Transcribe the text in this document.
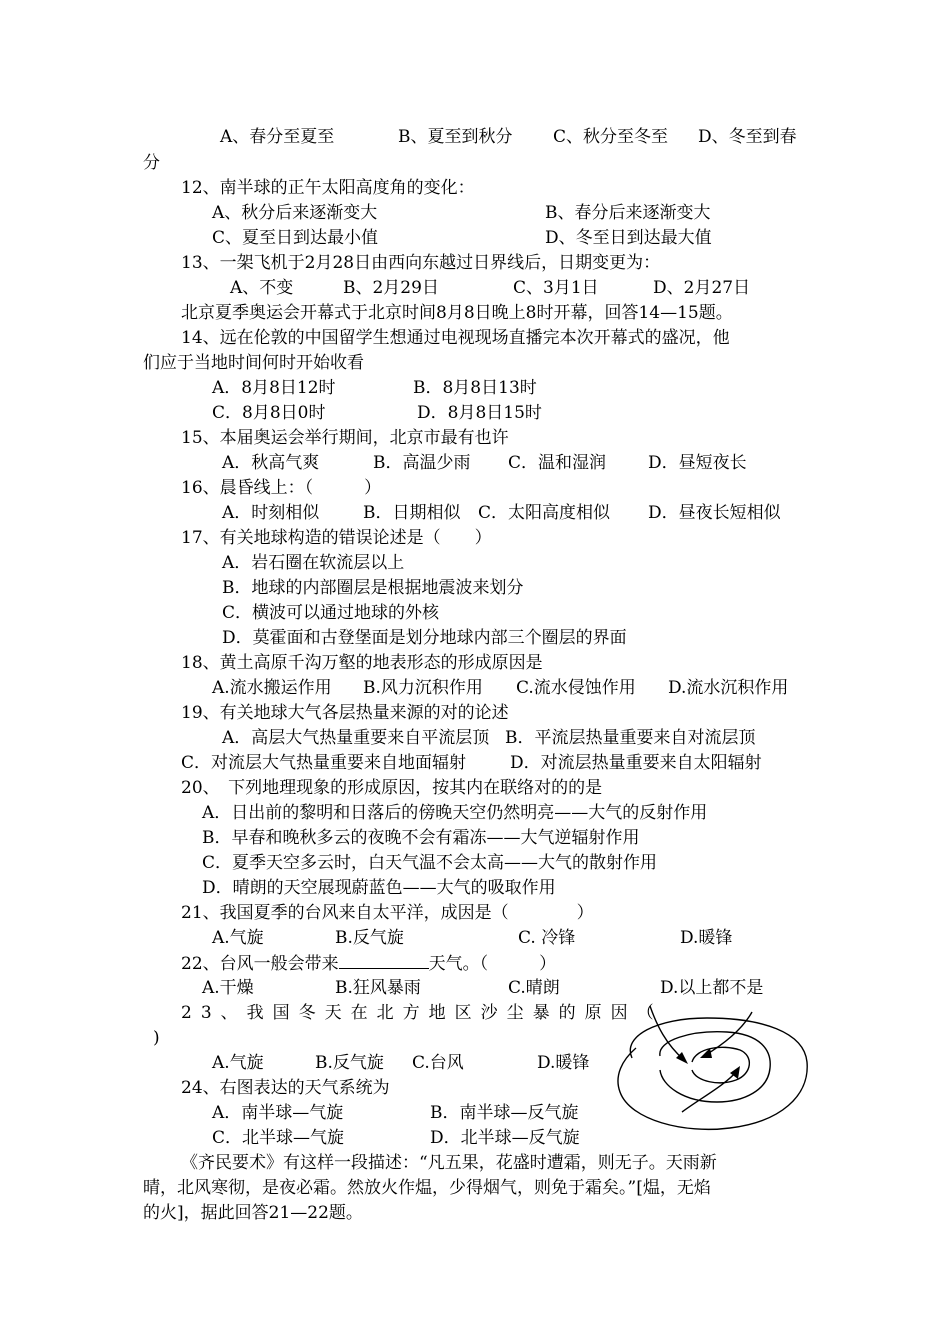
A、春分至夏至	B、夏至到秋分 C、秋分至冬至 D、冬至到春
分
12、南半球的正午太阳高度角的变化：
A、秋分后来逐渐变大	B、春分后来逐渐变大
C、夏至日到达最小值	D、冬至日到达最大值
13、一架飞机于2月28日由西向东越过日界线后，日期变更为：
A、不变	B、2月29日	C、3月1日	D、2月27日
北京夏季奥运会开幕式于北京时间8月8日晚上8时开幕，回答14—15题。
14、远在伦敦的中国留学生想通过电视现场直播完本次开幕式的盛况，他
们应于当地时间何时开始收看
A．8月8日12时	B．8月8日13时
C．8月8日0时	D．8月8日15时
15、本届奥运会举行期间，北京市最有也许
A．秋高气爽	B．高温少雨 C．温和湿润 D．昼短夜长
16、晨昏线上：（　　　）
A．时刻相似	B．日期相似 C．太阳高度相似 D．昼夜长短相似
17、有关地球构造的错误论述是（　　）
A．岩石圈在软流层以上
B．地球的内部圈层是根据地震波来划分
C．横波可以通过地球的外核
D．莫霍面和古登堡面是划分地球内部三个圈层的界面
18、黄土高原千沟万壑的地表形态的形成原因是
A.流水搬运作用 B.风力沉积作用 C.流水侵蚀作用 D.流水沉积作用
19、有关地球大气各层热量来源的对的论述
A．高层大气热量重要来自平流层顶 B．平流层热量重要来自对流层顶
C．对流层大气热量重要来自地面辐射	D．对流层热量重要来自太阳辐射
20、　下列地理现象的形成原因，按其内在联络对的的是
A．日出前的黎明和日落后的傍晚天空仍然明亮——大气的反射作用
B．早春和晚秋多云的夜晚不会有霜冻——大气逆辐射作用
C．夏季天空多云时，白天气温不会太高——大气的散射作用
D．晴朗的天空展现蔚蓝色——大气的吸取作用
21、我国夏季的台风来自太平洋，成因是（　　　　）
A.气旋	B.反气旋	C. 冷锋	D.暖锋
22、台风一般会带来	天气。（　　　）
A.干燥	B.狂风暴雨	C.晴朗	D.以上都不是
23、我国冬天在北方地区沙尘暴的原因（
)
A.气旋	B.反气旋 C.台风	D.暖锋
24、右图表达的天气系统为
A．南半球—气旋	B．南半球—反气旋
C．北半球—气旋	D．北半球—反气旋
《齐民要术》有这样一段描述：“凡五果，花盛时遭霜，则无子。天雨新
晴，北风寒彻，是夜必霜。然放火作煴，少得烟气，则免于霜矣。”[煴，无焰
的火]，据此回答21—22题。
